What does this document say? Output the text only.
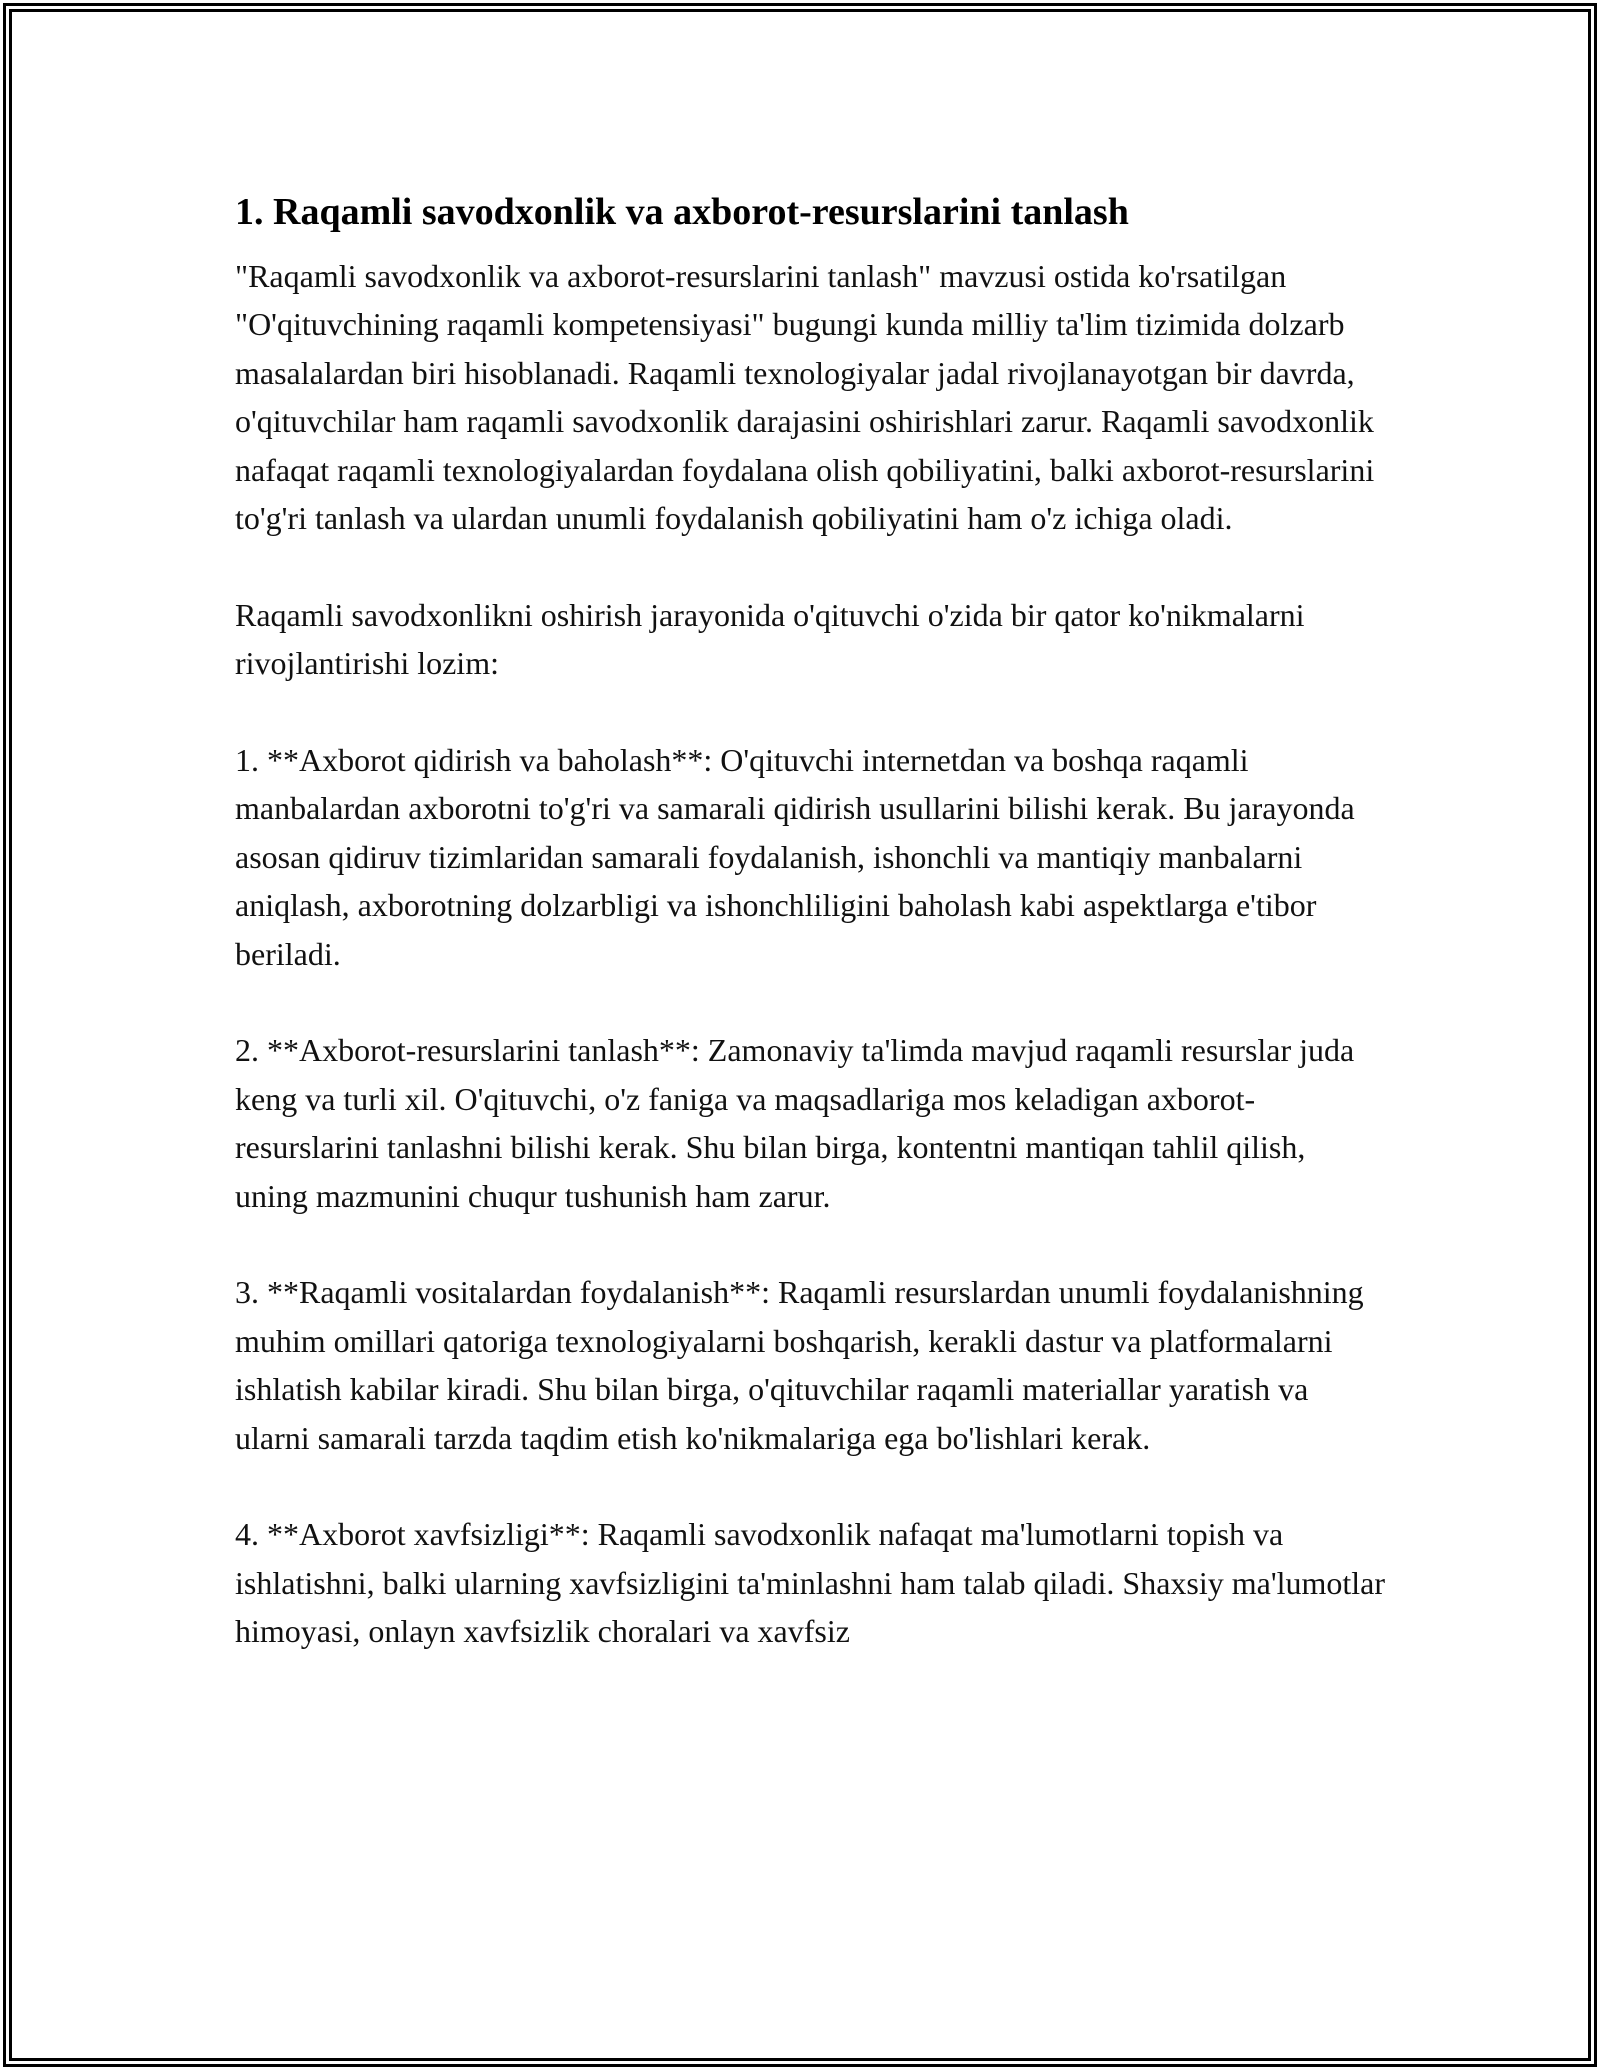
1. Raqamli savodxonlik va axborot-resurslarini tanlash

"Raqamli savodxonlik va axborot-resurslarini tanlash" mavzusi ostida ko'rsatilgan "O'qituvchining raqamli kompetensiyasi" bugungi kunda milliy ta'lim tizimida dolzarb masalalardan biri hisoblanadi. Raqamli texnologiyalar jadal rivojlanayotgan bir davrda, o'qituvchilar ham raqamli savodxonlik darajasini oshirishlari zarur. Raqamli savodxonlik nafaqat raqamli texnologiyalardan foydalana olish qobiliyatini, balki axborot-resurslarini to'g'ri tanlash va ulardan unumli foydalanish qobiliyatini ham o'z ichiga oladi.

Raqamli savodxonlikni oshirish jarayonida o'qituvchi o'zida bir qator ko'nikmalarni rivojlantirishi lozim:

1. **Axborot qidirish va baholash**: O'qituvchi internetdan va boshqa raqamli manbalardan axborotni to'g'ri va samarali qidirish usullarini bilishi kerak. Bu jarayonda asosan qidiruv tizimlaridan samarali foydalanish, ishonchli va mantiqiy manbalarni aniqlash, axborotning dolzarbligi va ishonchliligini baholash kabi aspektlarga e'tibor beriladi.

2. **Axborot-resurslarini tanlash**: Zamonaviy ta'limda mavjud raqamli resurslar juda keng va turli xil. O'qituvchi, o'z faniga va maqsadlariga mos keladigan axborot-resurslarini tanlashni bilishi kerak. Shu bilan birga, kontentni mantiqan tahlil qilish, uning mazmunini chuqur tushunish ham zarur.

3. **Raqamli vositalardan foydalanish**: Raqamli resurslardan unumli foydalanishning muhim omillari qatoriga texnologiyalarni boshqarish, kerakli dastur va platformalarni ishlatish kabilar kiradi. Shu bilan birga, o'qituvchilar raqamli materiallar yaratish va ularni samarali tarzda taqdim etish ko'nikmalariga ega bo'lishlari kerak.

4. **Axborot xavfsizligi**: Raqamli savodxonlik nafaqat ma'lumotlarni topish va ishlatishni, balki ularning xavfsizligini ta'minlashni ham talab qiladi. Shaxsiy ma'lumotlar himoyasi, onlayn xavfsizlik choralari va xavfsiz
